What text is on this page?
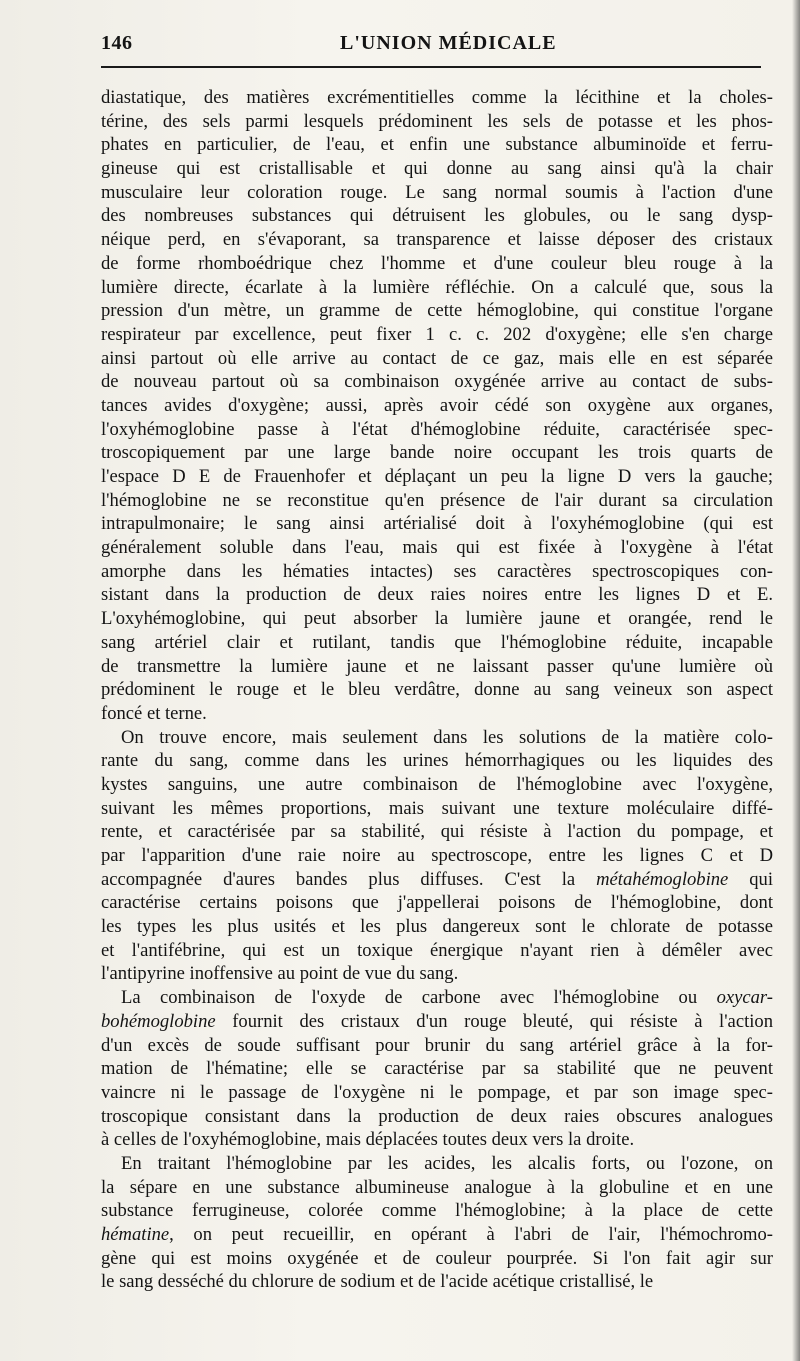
146	L'UNION MÉDICALE
diastatique, des matières excrémentitielles comme la lécithine et la choles-
térine, des sels parmi lesquels prédominent les sels de potasse et les phos-
phates en particulier, de l'eau, et enfin une substance albuminoïde et ferru-
gineuse qui est cristallisable et qui donne au sang ainsi qu'à la chair
musculaire leur coloration rouge. Le sang normal soumis à l'action d'une
des nombreuses substances qui détruisent les globules, ou le sang dysp-
néique perd, en s'évaporant, sa transparence et laisse déposer des cristaux
de forme rhomboédrique chez l'homme et d'une couleur bleu rouge à la
lumière directe, écarlate à la lumière réfléchie. On a calculé que, sous la
pression d'un mètre, un gramme de cette hémoglobine, qui constitue l'organe
respirateur par excellence, peut fixer 1 c. c. 202 d'oxygène; elle s'en charge
ainsi partout où elle arrive au contact de ce gaz, mais elle en est séparée
de nouveau partout où sa combinaison oxygénée arrive au contact de subs-
tances avides d'oxygène; aussi, après avoir cédé son oxygène aux organes,
l'oxyhémoglobine passe à l'état d'hémoglobine réduite, caractérisée spec-
troscopiquement par une large bande noire occupant les trois quarts de
l'espace D E de Frauenhofer et déplaçant un peu la ligne D vers la gauche;
l'hémoglobine ne se reconstitue qu'en présence de l'air durant sa circulation
intrapulmonaire; le sang ainsi artérialisé doit à l'oxyhémoglobine (qui est
généralement soluble dans l'eau, mais qui est fixée à l'oxygène à l'état
amorphe dans les hématies intactes) ses caractères spectroscopiques con-
sistant dans la production de deux raies noires entre les lignes D et E.
L'oxyhémoglobine, qui peut absorber la lumière jaune et orangée, rend le
sang artériel clair et rutilant, tandis que l'hémoglobine réduite, incapable
de transmettre la lumière jaune et ne laissant passer qu'une lumière où
prédominent le rouge et le bleu verdâtre, donne au sang veineux son aspect
foncé et terne.
On trouve encore, mais seulement dans les solutions de la matière colo-
rante du sang, comme dans les urines hémorrhagiques ou les liquides des
kystes sanguins, une autre combinaison de l'hémoglobine avec l'oxygène,
suivant les mêmes proportions, mais suivant une texture moléculaire diffé-
rente, et caractérisée par sa stabilité, qui résiste à l'action du pompage, et
par l'apparition d'une raie noire au spectroscope, entre les lignes C et D
accompagnée d'aures bandes plus diffuses. C'est la métahémoglobine qui
caractérise certains poisons que j'appellerai poisons de l'hémoglobine, dont
les types les plus usités et les plus dangereux sont le chlorate de potasse
et l'antifébrine, qui est un toxique énergique n'ayant rien à démêler avec
l'antipyrine inoffensive au point de vue du sang.
La combinaison de l'oxyde de carbone avec l'hémoglobine ou oxycar-
bohémoglobine fournit des cristaux d'un rouge bleuté, qui résiste à l'action
d'un excès de soude suffisant pour brunir du sang artériel grâce à la for-
mation de l'hématine; elle se caractérise par sa stabilité que ne peuvent
vaincre ni le passage de l'oxygène ni le pompage, et par son image spec-
troscopique consistant dans la production de deux raies obscures analogues
à celles de l'oxyhémoglobine, mais déplacées toutes deux vers la droite.
En traitant l'hémoglobine par les acides, les alcalis forts, ou l'ozone, on
la sépare en une substance albumineuse analogue à la globuline et en une
substance ferrugineuse, colorée comme l'hémoglobine; à la place de cette
hématine, on peut recueillir, en opérant à l'abri de l'air, l'hémochromo-
gène qui est moins oxygénée et de couleur pourprée. Si l'on fait agir sur
le sang desséché du chlorure de sodium et de l'acide acétique cristallisé, le
